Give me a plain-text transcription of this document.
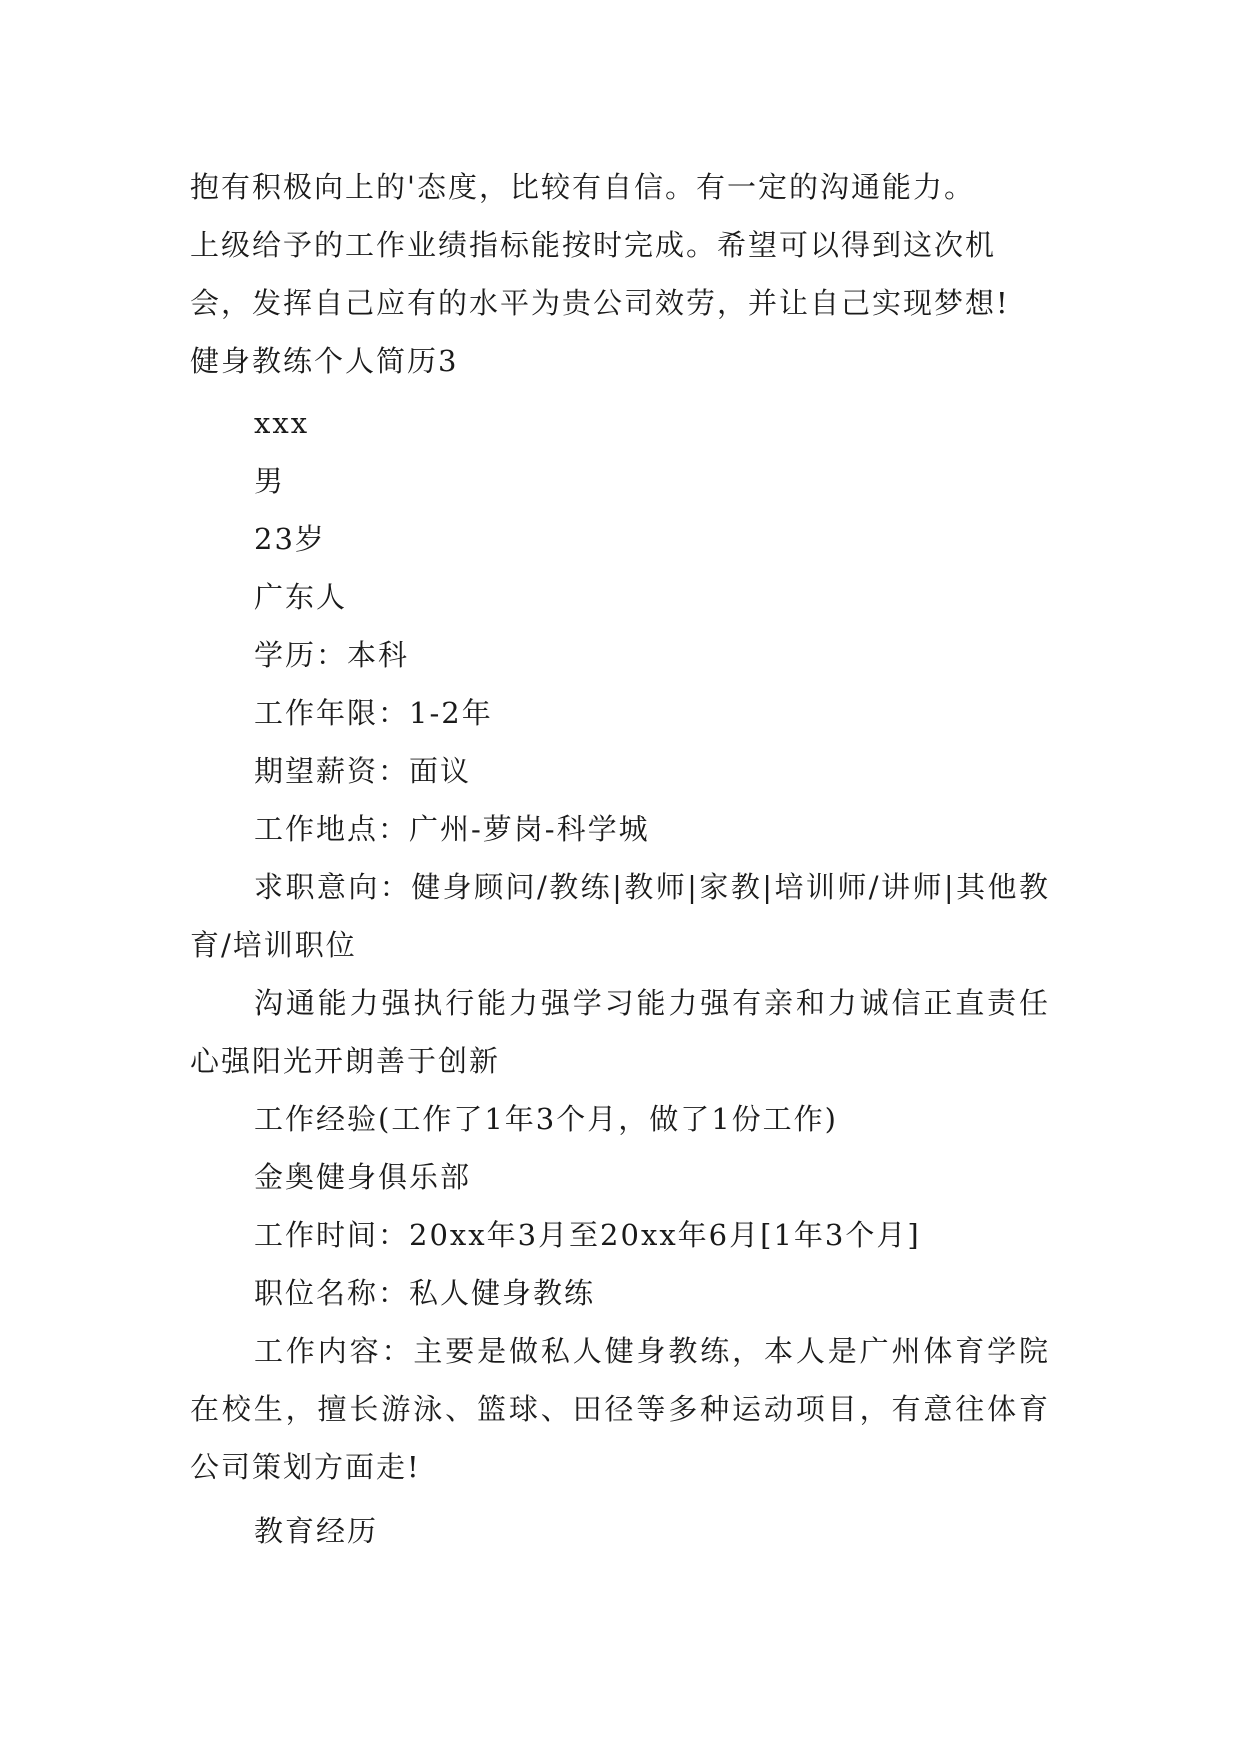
抱有积极向上的'态度，比较有自信。有一定的沟通能力。

上级给予的工作业绩指标能按时完成。希望可以得到这次机

会，发挥自己应有的水平为贵公司效劳，并让自己实现梦想!

健身教练个人简历3

xxx

男

23岁

广东人

学历：本科

工作年限：1-2年

期望薪资：面议

工作地点：广州-萝岗-科学城

求职意向：健身顾问/教练|教师|家教|培训师/讲师|其他教育/培训职位

沟通能力强执行能力强学习能力强有亲和力诚信正直责任心强阳光开朗善于创新

工作经验(工作了1年3个月，做了1份工作)

金奥健身俱乐部

工作时间：20xx年3月至20xx年6月[1年3个月]

职位名称：私人健身教练

工作内容：主要是做私人健身教练，本人是广州体育学院在校生，擅长游泳、篮球、田径等多种运动项目，有意往体育公司策划方面走!

教育经历
